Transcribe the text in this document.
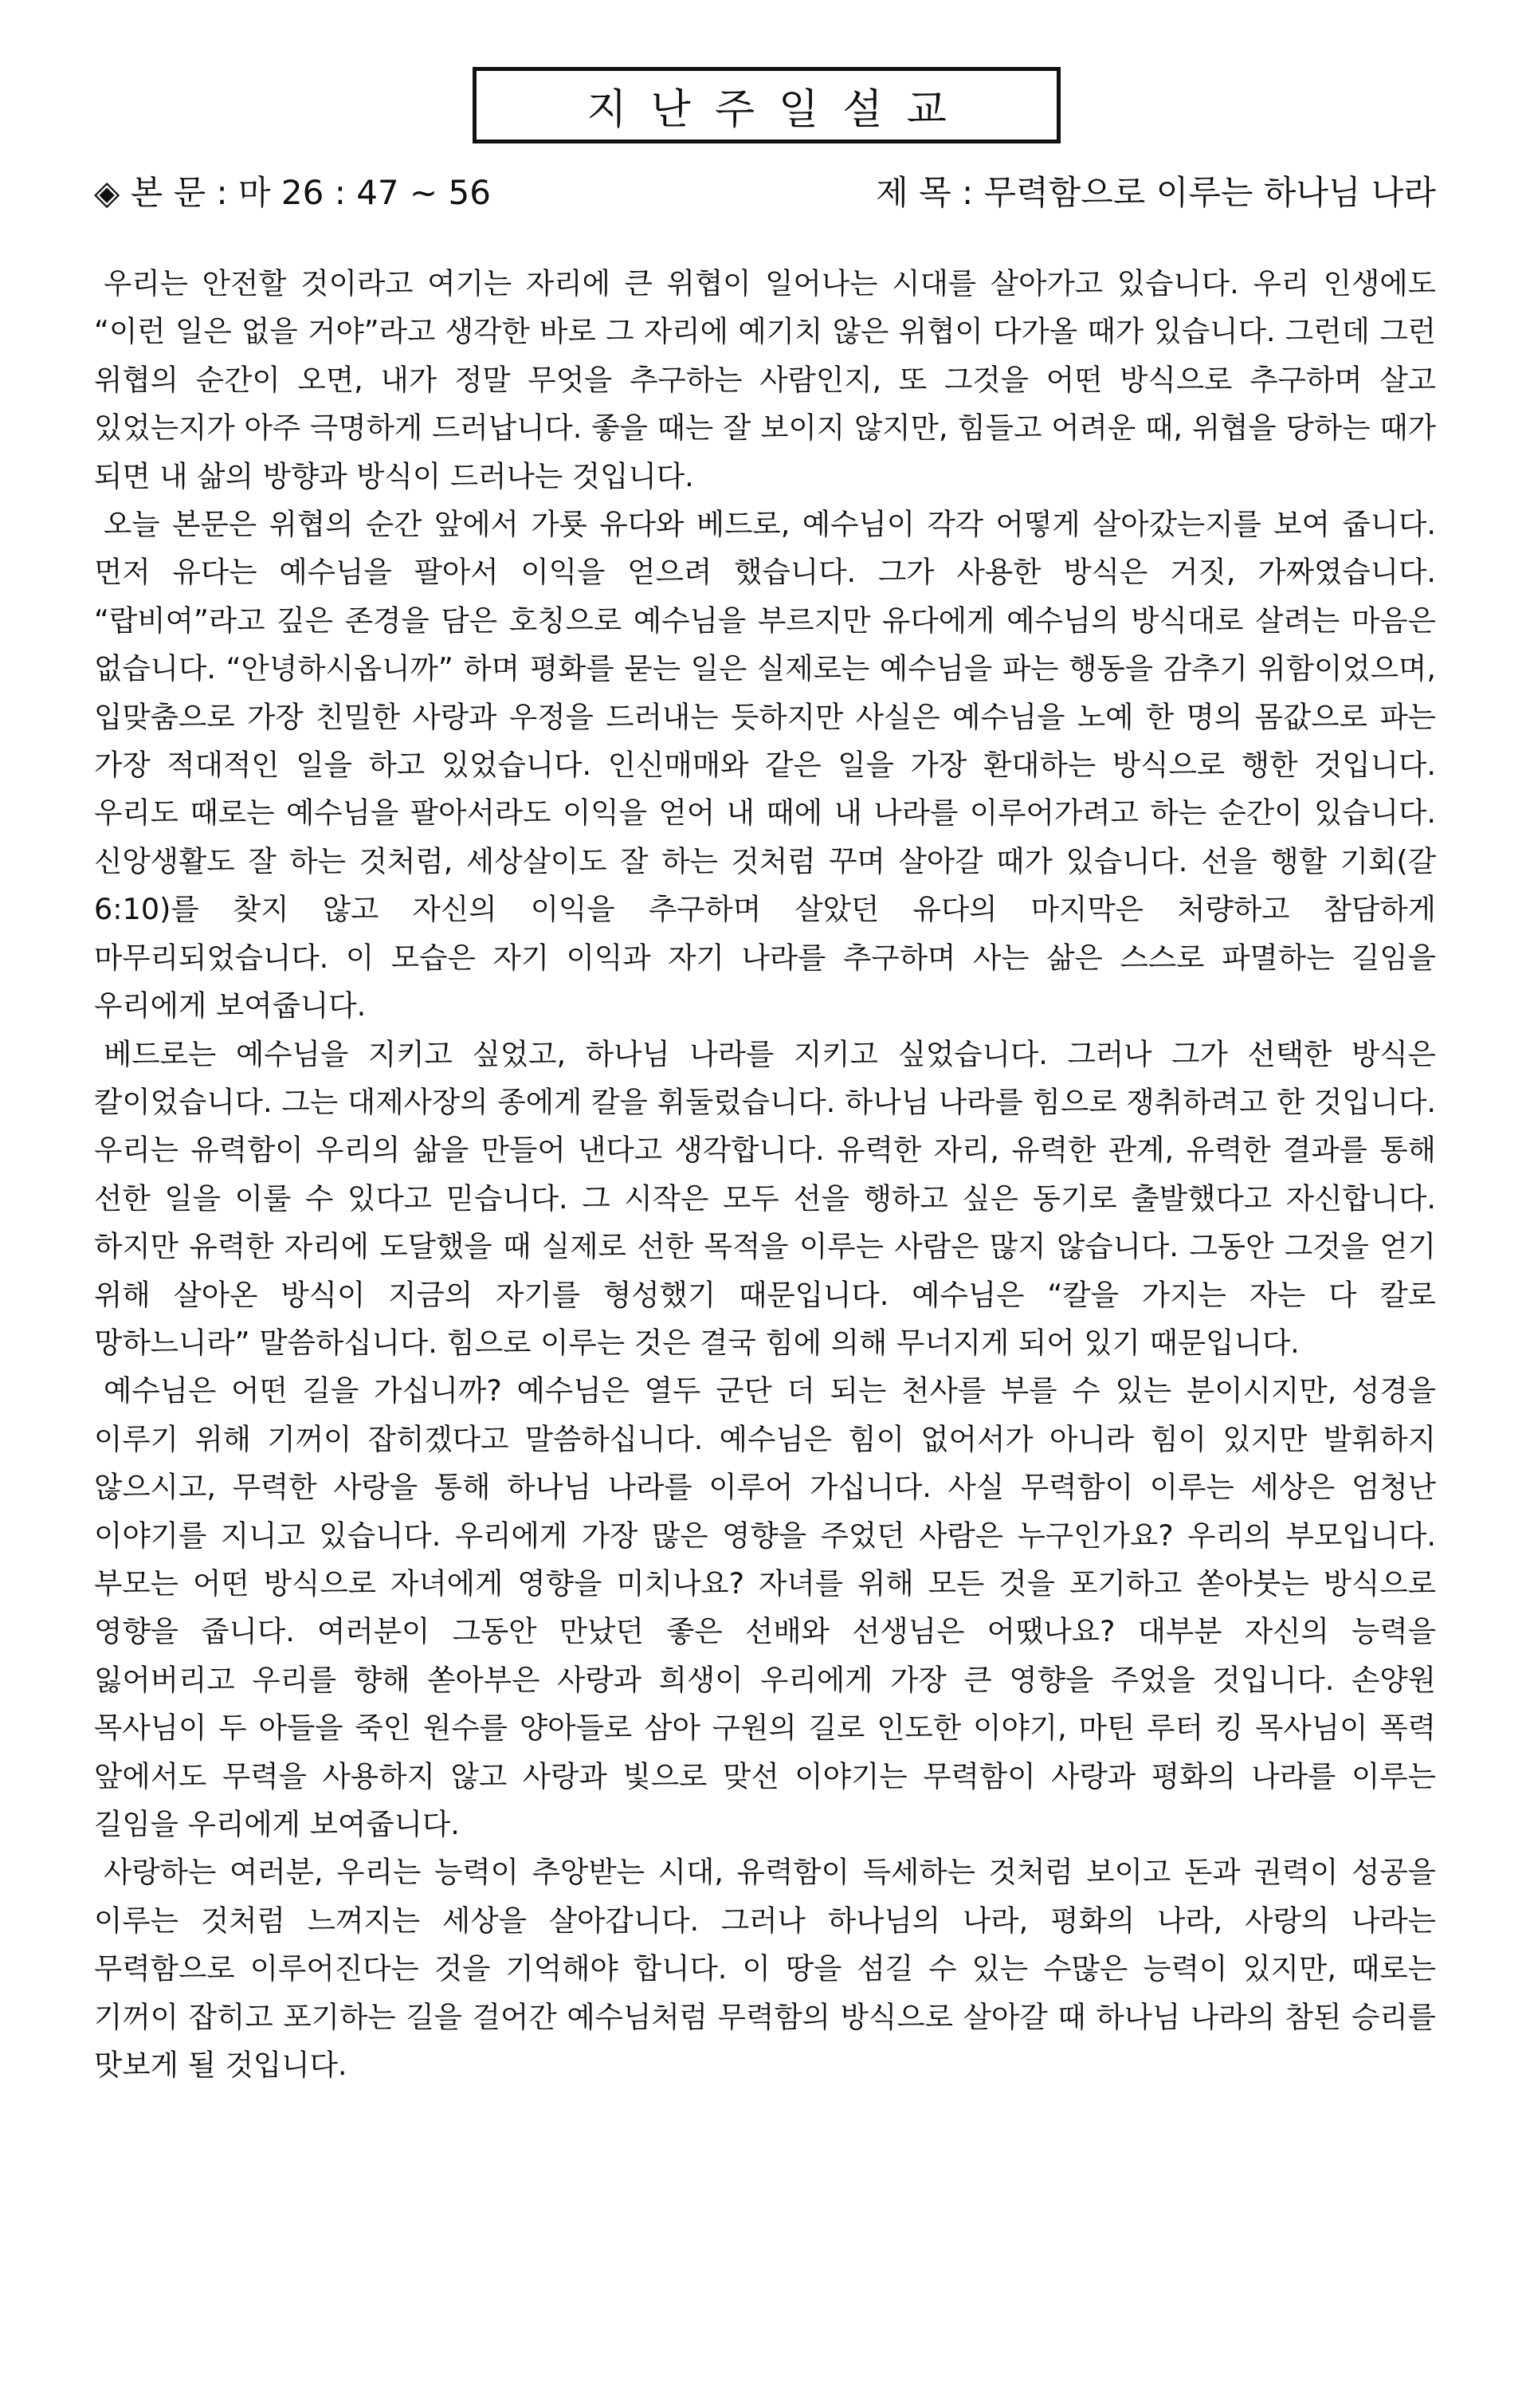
지난주일설교
◈ 본 문 : 마 26 : 47 ~ 56	제 목 : 무력함으로 이루는 하나님 나라

우리는 안전할 것이라고 여기는 자리에 큰 위협이 일어나는 시대를 살아가고 있습니다. 우리 인생에도 “이런 일은 없을 거야”라고 생각한 바로 그 자리에 예기치 않은 위협이 다가올 때가 있습니다. 그런데 그런 위협의 순간이 오면, 내가 정말 무엇을 추구하는 사람인지, 또 그것을 어떤 방식으로 추구하며 살고 있었는지가 아주 극명하게 드러납니다. 좋을 때는 잘 보이지 않지만, 힘들고 어려운 때, 위협을 당하는 때가 되면 내 삶의 방향과 방식이 드러나는 것입니다.

오늘 본문은 위협의 순간 앞에서 가룟 유다와 베드로, 예수님이 각각 어떻게 살아갔는지를 보여 줍니다. 먼저 유다는 예수님을 팔아서 이익을 얻으려 했습니다. 그가 사용한 방식은 거짓, 가짜였습니다. “랍비여”라고 깊은 존경을 담은 호칭으로 예수님을 부르지만 유다에게 예수님의 방식대로 살려는 마음은 없습니다. “안녕하시옵니까” 하며 평화를 묻는 일은 실제로는 예수님을 파는 행동을 감추기 위함이었으며, 입맞춤으로 가장 친밀한 사랑과 우정을 드러내는 듯하지만 사실은 예수님을 노예 한 명의 몸값으로 파는 가장 적대적인 일을 하고 있었습니다. 인신매매와 같은 일을 가장 환대하는 방식으로 행한 것입니다. 우리도 때로는 예수님을 팔아서라도 이익을 얻어 내 때에 내 나라를 이루어가려고 하는 순간이 있습니다. 신앙생활도 잘 하는 것처럼, 세상살이도 잘 하는 것처럼 꾸며 살아갈 때가 있습니다. 선을 행할 기회(갈 6:10)를 찾지 않고 자신의 이익을 추구하며 살았던 유다의 마지막은 처량하고 참담하게 마무리되었습니다. 이 모습은 자기 이익과 자기 나라를 추구하며 사는 삶은 스스로 파멸하는 길임을 우리에게 보여줍니다.

베드로는 예수님을 지키고 싶었고, 하나님 나라를 지키고 싶었습니다. 그러나 그가 선택한 방식은 칼이었습니다. 그는 대제사장의 종에게 칼을 휘둘렀습니다. 하나님 나라를 힘으로 쟁취하려고 한 것입니다. 우리는 유력함이 우리의 삶을 만들어 낸다고 생각합니다. 유력한 자리, 유력한 관계, 유력한 결과를 통해 선한 일을 이룰 수 있다고 믿습니다. 그 시작은 모두 선을 행하고 싶은 동기로 출발했다고 자신합니다. 하지만 유력한 자리에 도달했을 때 실제로 선한 목적을 이루는 사람은 많지 않습니다. 그동안 그것을 얻기 위해 살아온 방식이 지금의 자기를 형성했기 때문입니다. 예수님은 “칼을 가지는 자는 다 칼로 망하느니라” 말씀하십니다. 힘으로 이루는 것은 결국 힘에 의해 무너지게 되어 있기 때문입니다.

예수님은 어떤 길을 가십니까? 예수님은 열두 군단 더 되는 천사를 부를 수 있는 분이시지만, 성경을 이루기 위해 기꺼이 잡히겠다고 말씀하십니다. 예수님은 힘이 없어서가 아니라 힘이 있지만 발휘하지 않으시고, 무력한 사랑을 통해 하나님 나라를 이루어 가십니다. 사실 무력함이 이루는 세상은 엄청난 이야기를 지니고 있습니다. 우리에게 가장 많은 영향을 주었던 사람은 누구인가요? 우리의 부모입니다. 부모는 어떤 방식으로 자녀에게 영향을 미치나요? 자녀를 위해 모든 것을 포기하고 쏟아붓는 방식으로 영향을 줍니다. 여러분이 그동안 만났던 좋은 선배와 선생님은 어땠나요? 대부분 자신의 능력을 잃어버리고 우리를 향해 쏟아부은 사랑과 희생이 우리에게 가장 큰 영향을 주었을 것입니다. 손양원 목사님이 두 아들을 죽인 원수를 양아들로 삼아 구원의 길로 인도한 이야기, 마틴 루터 킹 목사님이 폭력 앞에서도 무력을 사용하지 않고 사랑과 빛으로 맞선 이야기는 무력함이 사랑과 평화의 나라를 이루는 길임을 우리에게 보여줍니다.

사랑하는 여러분, 우리는 능력이 추앙받는 시대, 유력함이 득세하는 것처럼 보이고 돈과 권력이 성공을 이루는 것처럼 느껴지는 세상을 살아갑니다. 그러나 하나님의 나라, 평화의 나라, 사랑의 나라는 무력함으로 이루어진다는 것을 기억해야 합니다. 이 땅을 섬길 수 있는 수많은 능력이 있지만, 때로는 기꺼이 잡히고 포기하는 길을 걸어간 예수님처럼 무력함의 방식으로 살아갈 때 하나님 나라의 참된 승리를 맛보게 될 것입니다.
